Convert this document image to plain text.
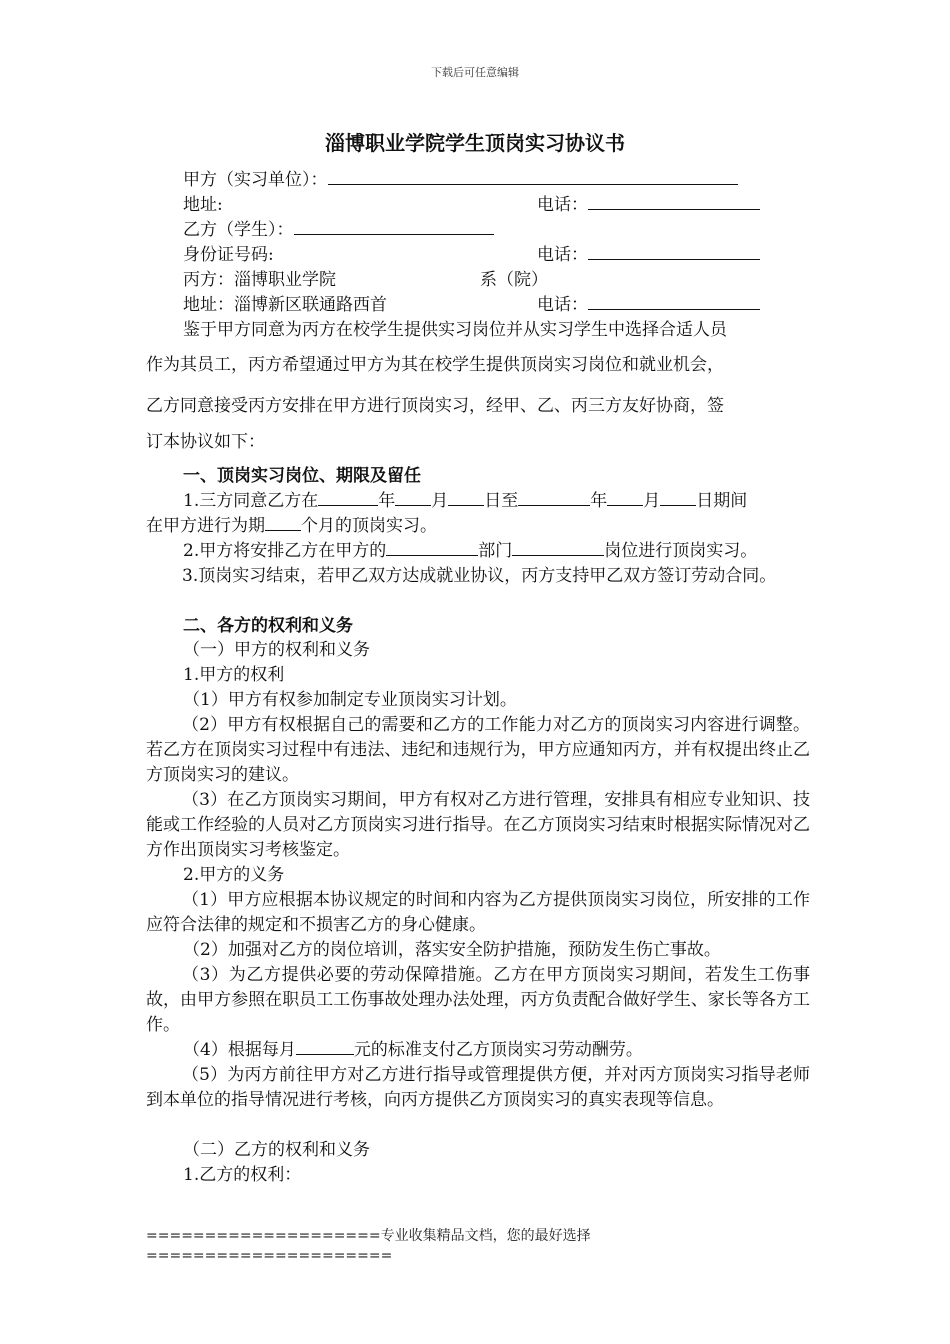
下载后可任意编辑
淄博职业学院学生顶岗实习协议书
甲方（实习单位）：
地址:	电话：
乙方（学生）：
身份证号码:	电话：
丙方：淄博职业学院	系（院）
地址：淄博新区联通路西首	电话：
鉴于甲方同意为丙方在校学生提供实习岗位并从实习学生中选择合适人员
作为其员工，丙方希望通过甲方为其在校学生提供顶岗实习岗位和就业机会，
乙方同意接受丙方安排在甲方进行顶岗实习，经甲、乙、丙三方友好协商，签
订本协议如下：
一、顶岗实习岗位、期限及留任
1.三方同意乙方在	年 月 日至	年 月 日期间
在甲方进行为期 个月的顶岗实习。
2.甲方将安排乙方在甲方的	部门	岗位进行顶岗实习。
3.顶岗实习结束，若甲乙双方达成就业协议，丙方支持甲乙双方签订劳动合同。
二、各方的权利和义务
（一）甲方的权利和义务
1.甲方的权利
（1）甲方有权参加制定专业顶岗实习计划。
（2）甲方有权根据自己的需要和乙方的工作能力对乙方的顶岗实习内容进行调整。若乙方在顶岗实习过程中有违法、违纪和违规行为，甲方应通知丙方，并有权提出终止乙方顶岗实习的建议。
（3）在乙方顶岗实习期间，甲方有权对乙方进行管理，安排具有相应专业知识、技能或工作经验的人员对乙方顶岗实习进行指导。在乙方顶岗实习结束时根据实际情况对乙方作出顶岗实习考核鉴定。
2.甲方的义务
（1）甲方应根据本协议规定的时间和内容为乙方提供顶岗实习岗位，所安排的工作应符合法律的规定和不损害乙方的身心健康。
（2）加强对乙方的岗位培训，落实安全防护措施，预防发生伤亡事故。
（3）为乙方提供必要的劳动保障措施。乙方在甲方顶岗实习期间，若发生工伤事故，由甲方参照在职员工工伤事故处理办法处理，丙方负责配合做好学生、家长等各方工作。
（4）根据每月	元的标准支付乙方顶岗实习劳动酬劳。
（5）为丙方前往甲方对乙方进行指导或管理提供方便，并对丙方顶岗实习指导老师到本单位的指导情况进行考核，向丙方提供乙方顶岗实习的真实表现等信息。
（二）乙方的权利和义务
1.乙方的权利：
====================专业收集精品文档，您的最好选择=====================
